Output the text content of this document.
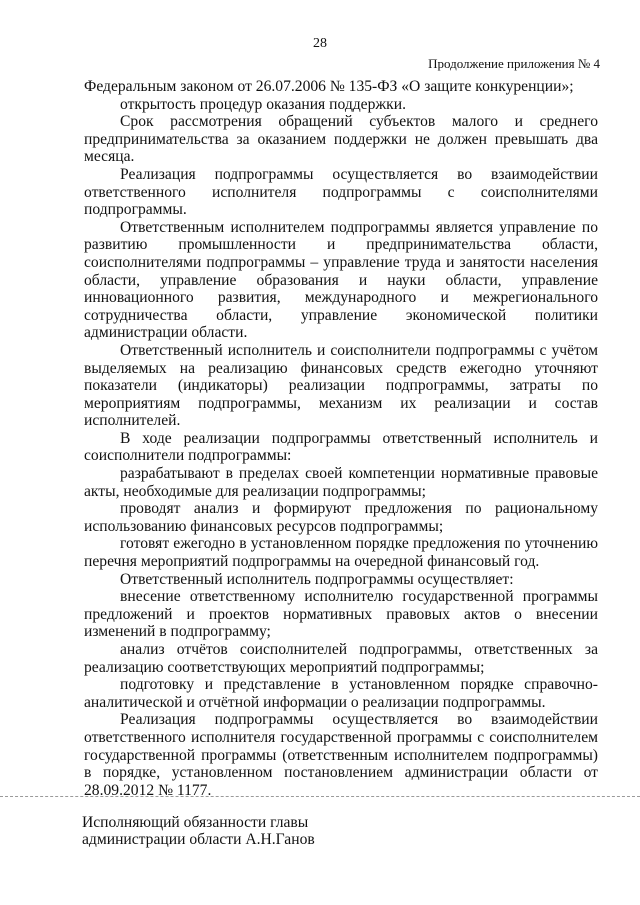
28
Продолжение приложения № 4

Федеральным законом от 26.07.2006 № 135-ФЗ «О защите конкуренции»;

открытость процедур оказания поддержки.

Срок рассмотрения обращений субъектов малого и среднего предпринимательства за оказанием поддержки не должен превышать два месяца.

Реализация подпрограммы осуществляется во взаимодействии ответственного исполнителя подпрограммы с соисполнителями подпрограммы.

Ответственным исполнителем подпрограммы является управление по развитию промышленности и предпринимательства области, соисполнителями подпрограммы – управление труда и занятости населения области, управление образования и науки области, управление инновационного развития, международного и межрегионального сотрудничества области, управление экономической политики администрации области.

Ответственный исполнитель и соисполнители подпрограммы с учётом выделяемых на реализацию финансовых средств ежегодно уточняют показатели (индикаторы) реализации подпрограммы, затраты по мероприятиям подпрограммы, механизм их реализации и состав исполнителей.

В ходе реализации подпрограммы ответственный исполнитель и соисполнители подпрограммы:

разрабатывают в пределах своей компетенции нормативные правовые акты, необходимые для реализации подпрограммы;

проводят анализ и формируют предложения по рациональному использованию финансовых ресурсов подпрограммы;

готовят ежегодно в установленном порядке предложения по уточнению перечня мероприятий подпрограммы на очередной финансовый год.

Ответственный исполнитель подпрограммы осуществляет:

внесение ответственному исполнителю государственной программы предложений и проектов нормативных правовых актов о внесении изменений в подпрограмму;

анализ отчётов соисполнителей подпрограммы, ответственных за реализацию соответствующих мероприятий подпрограммы;

подготовку и представление в установленном порядке справочно-аналитической и отчётной информации о реализации подпрограммы.

Реализация подпрограммы осуществляется во взаимодействии ответственного исполнителя государственной программы с соисполнителем государственной программы (ответственным исполнителем подпрограммы) в порядке, установленном постановлением администрации области от 28.09.2012 № 1177.

Исполняющий обязанности главы
администрации области А.Н.Ганов
